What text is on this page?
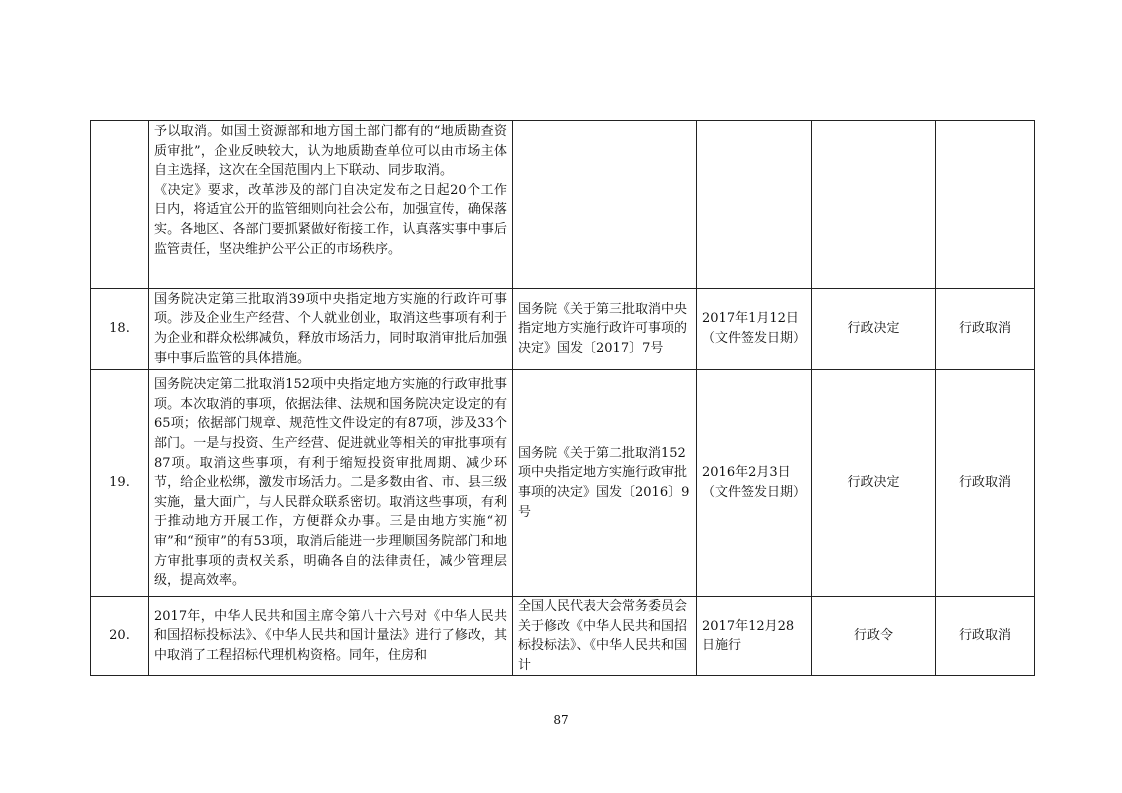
	予以取消。如国土资源部和地方国土部门都有的“地质勘查资质审批”，企业反映较大，认为地质勘查单位可以由市场主体自主选择，这次在全国范围内上下联动、同步取消。
《决定》要求，改革涉及的部门自决定发布之日起20个工作日内，将适宜公开的监管细则向社会公布，加强宣传，确保落实。各地区、各部门要抓紧做好衔接工作，认真落实事中事后监管责任，坚决维护公平公正的市场秩序。				

18.	国务院决定第三批取消39项中央指定地方实施的行政许可事项。涉及企业生产经营、个人就业创业，取消这些事项有利于为企业和群众松绑减负，释放市场活力，同时取消审批后加强事中事后监管的具体措施。	国务院《关于第三批取消中央指定地方实施行政许可事项的决定》国发〔2017〕7号	2017年1月12日（文件签发日期）	行政决定	行政取消
19.	国务院决定第二批取消152项中央指定地方实施的行政审批事项。本次取消的事项，依据法律、法规和国务院决定设定的有65项；依据部门规章、规范性文件设定的有87项，涉及33个部门。一是与投资、生产经营、促进就业等相关的审批事项有87项。取消这些事项，有利于缩短投资审批周期、减少环节，给企业松绑，激发市场活力。二是多数由省、市、县三级实施，量大面广，与人民群众联系密切。取消这些事项，有利于推动地方开展工作，方便群众办事。三是由地方实施“初审”和“预审”的有53项，取消后能进一步理顺国务院部门和地方审批事项的责权关系，明确各自的法律责任，减少管理层级，提高效率。	国务院《关于第二批取消152项中央指定地方实施行政审批事项的决定》国发〔2016〕9号	2016年2月3日（文件签发日期）	行政决定	行政取消
20.	2017年，中华人民共和国主席令第八十六号对《中华人民共和国招标投标法》、《中华人民共和国计量法》进行了修改，其中取消了工程招标代理机构资格。同年，住房和	全国人民代表大会常务委员会关于修改《中华人民共和国招标投标法》、《中华人民共和国计	2017年12月28日施行	行政令	行政取消
87
